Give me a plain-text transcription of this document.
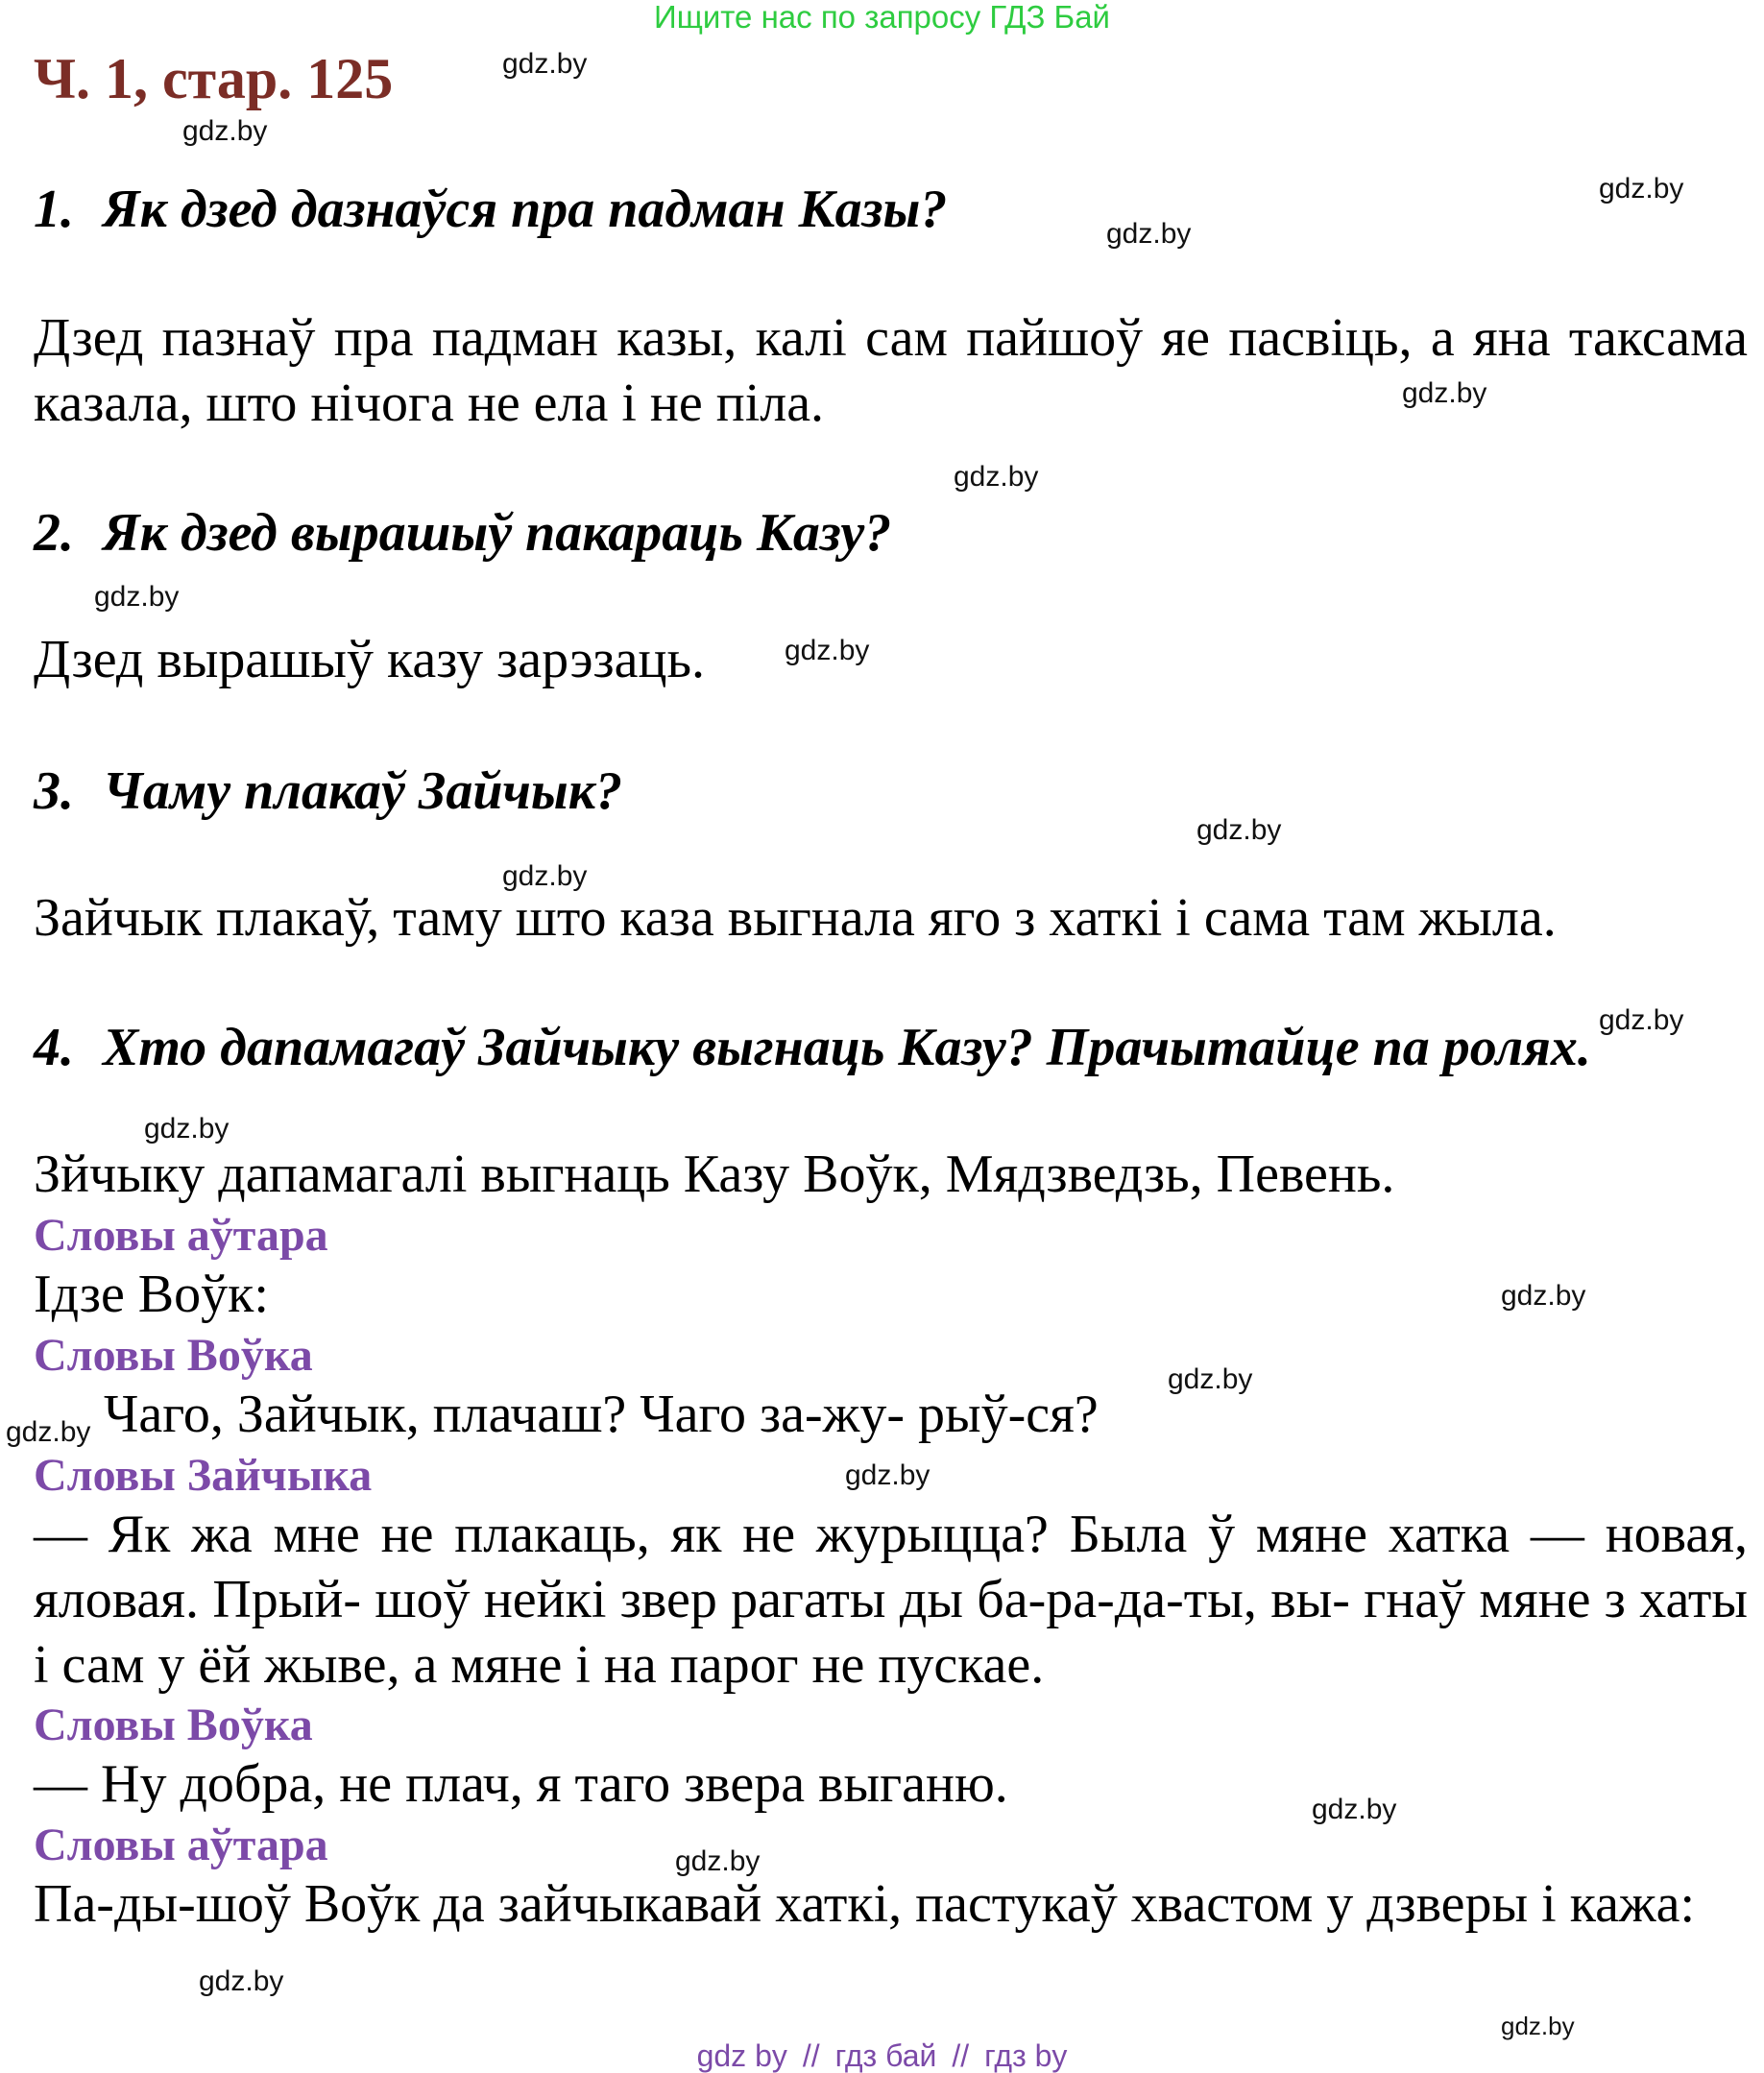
Ищите нас по запросу ГДЗ Бай
Ч. 1, стар. 125
1. Як дзед дазнаўся пра падман Казы?
Дзед пазнаў пра падман казы, калі сам пайшоў яе пасвіць, а яна таксама казала, што нічога не ела і не піла.
2. Як дзед вырашыў пакараць Казу?
Дзед вырашыў казу зарэзаць.
3. Чаму плакаў Зайчык?
Зайчык плакаў, таму што каза выгнала яго з хаткі і сама там жыла.
4. Хто дапамагаў Зайчыку выгнаць Казу? Прачытайце па ролях.
Зйчыку дапамагалі выгнаць Казу Воўк, Мядзведзь, Певень.
Словы аўтара
Ідзе Воўк:
Словы Воўка
Чаго, Зайчык, плачаш? Чаго за-жу- рыў-ся?
Словы Зайчыка
— Як жа мне не плакаць, як не журыцца? Была ў мяне хатка — новая, яловая. Прый- шоў нейкі звер рагаты ды ба-ра-да-ты, вы- гнаў мяне з хаты і сам у ёй жыве, а мяне і на парог не пускае.
Словы Воўка
— Ну добра, не плач, я таго звера выганю.
Словы аўтара
Па-ды-шоў Воўк да зайчыкавай хаткі, пастукаў хвастом у дзверы і кажа:
gdz.by
gdz.by
gdz.by
gdz.by
gdz.by
gdz.by
gdz.by
gdz.by
gdz.by
gdz.by
gdz.by
gdz.by
gdz.by
gdz.by
gdz.by
gdz.by
gdz.by
gdz.by
gdz.by
gdz.by
gdz by // гдз бай // гдз by
